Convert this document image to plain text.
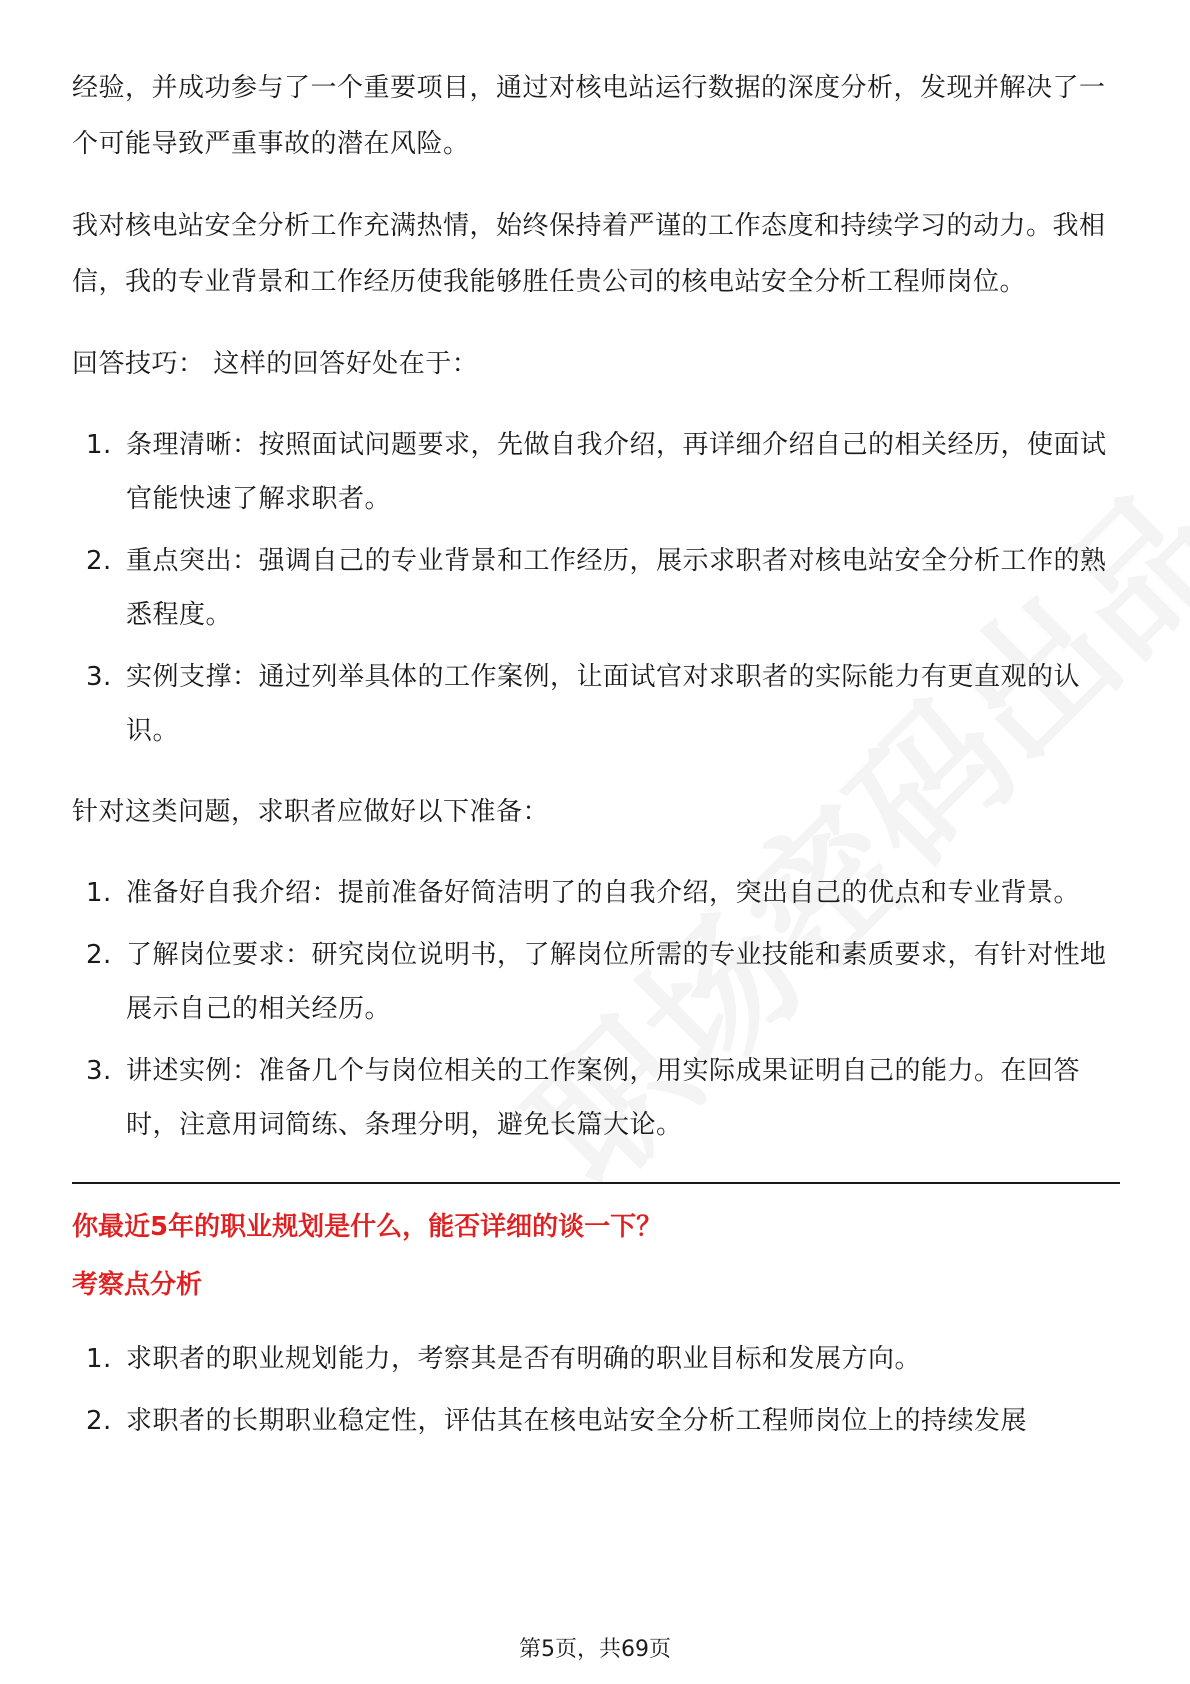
经验，并成功参与了一个重要项目，通过对核电站运行数据的深度分析，发现并解决了一个可能导致严重事故的潜在风险。

我对核电站安全分析工作充满热情，始终保持着严谨的工作态度和持续学习的动力。我相信，我的专业背景和工作经历使我能够胜任贵公司的核电站安全分析工程师岗位。

回答技巧： 这样的回答好处在于：

1. 条理清晰：按照面试问题要求，先做自我介绍，再详细介绍自己的相关经历，使面试官能快速了解求职者。
2. 重点突出：强调自己的专业背景和工作经历，展示求职者对核电站安全分析工作的熟悉程度。
3. 实例支撑：通过列举具体的工作案例，让面试官对求职者的实际能力有更直观的认识。

针对这类问题，求职者应做好以下准备：

1. 准备好自我介绍：提前准备好简洁明了的自我介绍，突出自己的优点和专业背景。
2. 了解岗位要求：研究岗位说明书，了解岗位所需的专业技能和素质要求，有针对性地展示自己的相关经历。
3. 讲述实例：准备几个与岗位相关的工作案例，用实际成果证明自己的能力。在回答时，注意用词简练、条理分明，避免长篇大论。

你最近5年的职业规划是什么，能否详细的谈一下？

考察点分析

1. 求职者的职业规划能力，考察其是否有明确的职业目标和发展方向。
2. 求职者的长期职业稳定性，评估其在核电站安全分析工程师岗位上的持续发展
第5页，共69页
